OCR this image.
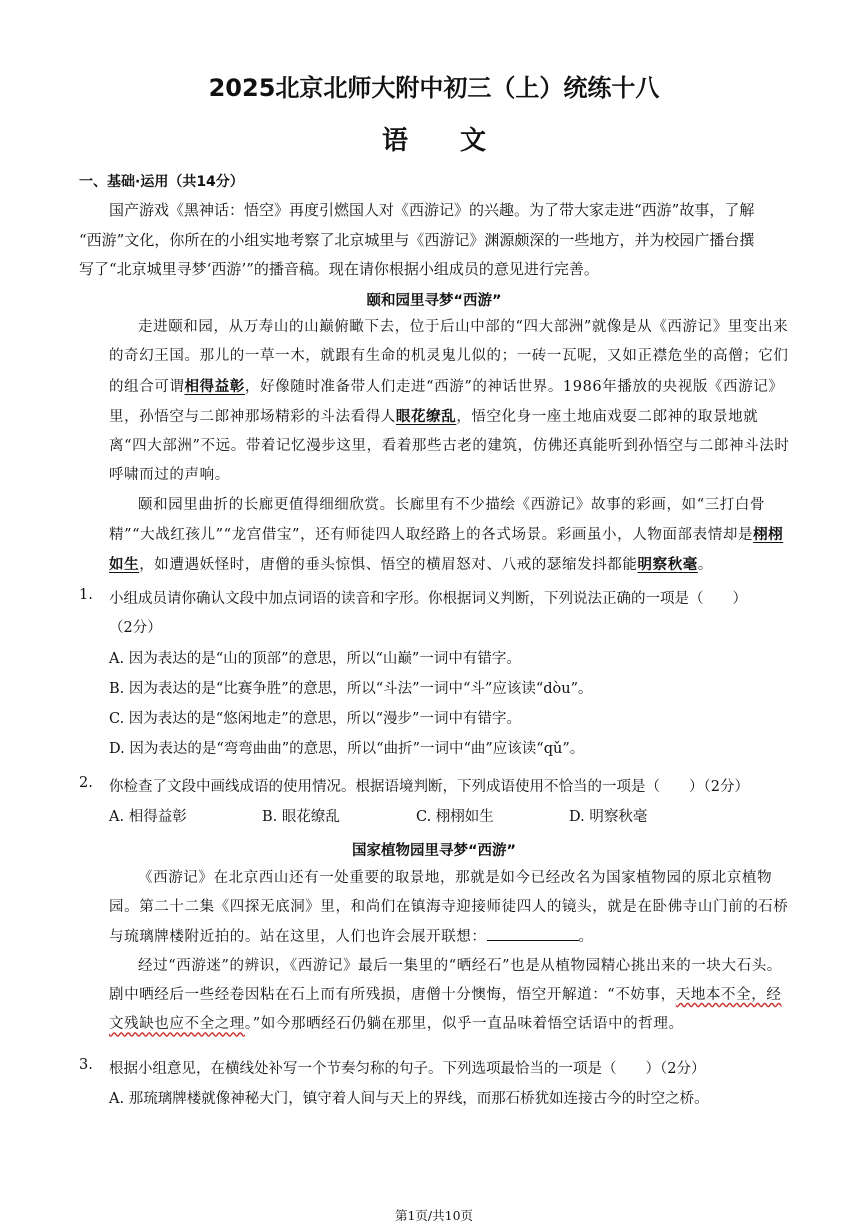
2025北京北师大附中初三（上）统练十八
语文
一、基础·运用（共14分）

国产游戏《黑神话：悟空》再度引燃国人对《西游记》的兴趣。为了带大家走进“西游”故事，了解

“西游”文化，你所在的小组实地考察了北京城里与《西游记》渊源颇深的一些地方，并为校园广播台撰

写了“北京城里寻梦‘西游’”的播音稿。现在请你根据小组成员的意见进行完善。

颐和园里寻梦“西游”

走进颐和园，从万寿山的山巅俯瞰下去，位于后山中部的“四大部洲”就像是从《西游记》里变出来的奇幻王国。那儿的一草一木，就跟有生命的机灵鬼儿似的；一砖一瓦呢，又如正襟危坐的高僧；它们的组合可谓相得益彰，好像随时准备带人们走进“西游”的神话世界。1986年播放的央视版《西游记》里，孙悟空与二郎神那场精彩的斗法看得人眼花缭乱，悟空化身一座土地庙戏耍二郎神的取景地就离“四大部洲”不远。带着记忆漫步这里，看着那些古老的建筑，仿佛还真能听到孙悟空与二郎神斗法时呼啸而过的声响。

颐和园里曲折的长廊更值得细细欣赏。长廊里有不少描绘《西游记》故事的彩画，如“三打白骨精”“大战红孩儿”“龙宫借宝”，还有师徒四人取经路上的各式场景。彩画虽小，人物面部表情却是栩栩如生，如遭遇妖怪时，唐僧的垂头惊惧、悟空的横眉怒对、八戒的瑟缩发抖都能明察秋毫。

1. 小组成员请你确认文段中加点词语的读音和字形。你根据词义判断，下列说法正确的一项是（　　）
（2分）
A. 因为表达的是“山的顶部”的意思，所以“山巅”一词中有错字。
B. 因为表达的是“比赛争胜”的意思，所以“斗法”一词中“斗”应该读“dòu”。
C. 因为表达的是“悠闲地走”的意思，所以“漫步”一词中有错字。
D. 因为表达的是“弯弯曲曲”的意思，所以“曲折”一词中“曲”应该读“qǔ”。
2. 你检查了文段中画线成语的使用情况。根据语境判断，下列成语使用不恰当的一项是（　　）（2分）
A. 相得益彰	B. 眼花缭乱	C. 栩栩如生	D. 明察秋毫
国家植物园里寻梦“西游”

《西游记》在北京西山还有一处重要的取景地，那就是如今已经改名为国家植物园的原北京植物园。第二十二集《四探无底洞》里，和尚们在镇海寺迎接师徒四人的镜头，就是在卧佛寺山门前的石桥与琉璃牌楼附近拍的。站在这里，人们也许会展开联想：	。

经过“西游迷”的辨识，《西游记》最后一集里的“晒经石”也是从植物园精心挑出来的一块大石头。剧中晒经后一些经卷因粘在石上而有所残损，唐僧十分懊悔，悟空开解道：“不妨事，天地本不全，经文残缺也应不全之理。”如今那晒经石仍躺在那里，似乎一直品味着悟空话语中的哲理。

3. 根据小组意见，在横线处补写一个节奏匀称的句子。下列选项最恰当的一项是（　　）（2分）
A. 那琉璃牌楼就像神秘大门，镇守着人间与天上的界线，而那石桥犹如连接古今的时空之桥。
第1页/共10页
